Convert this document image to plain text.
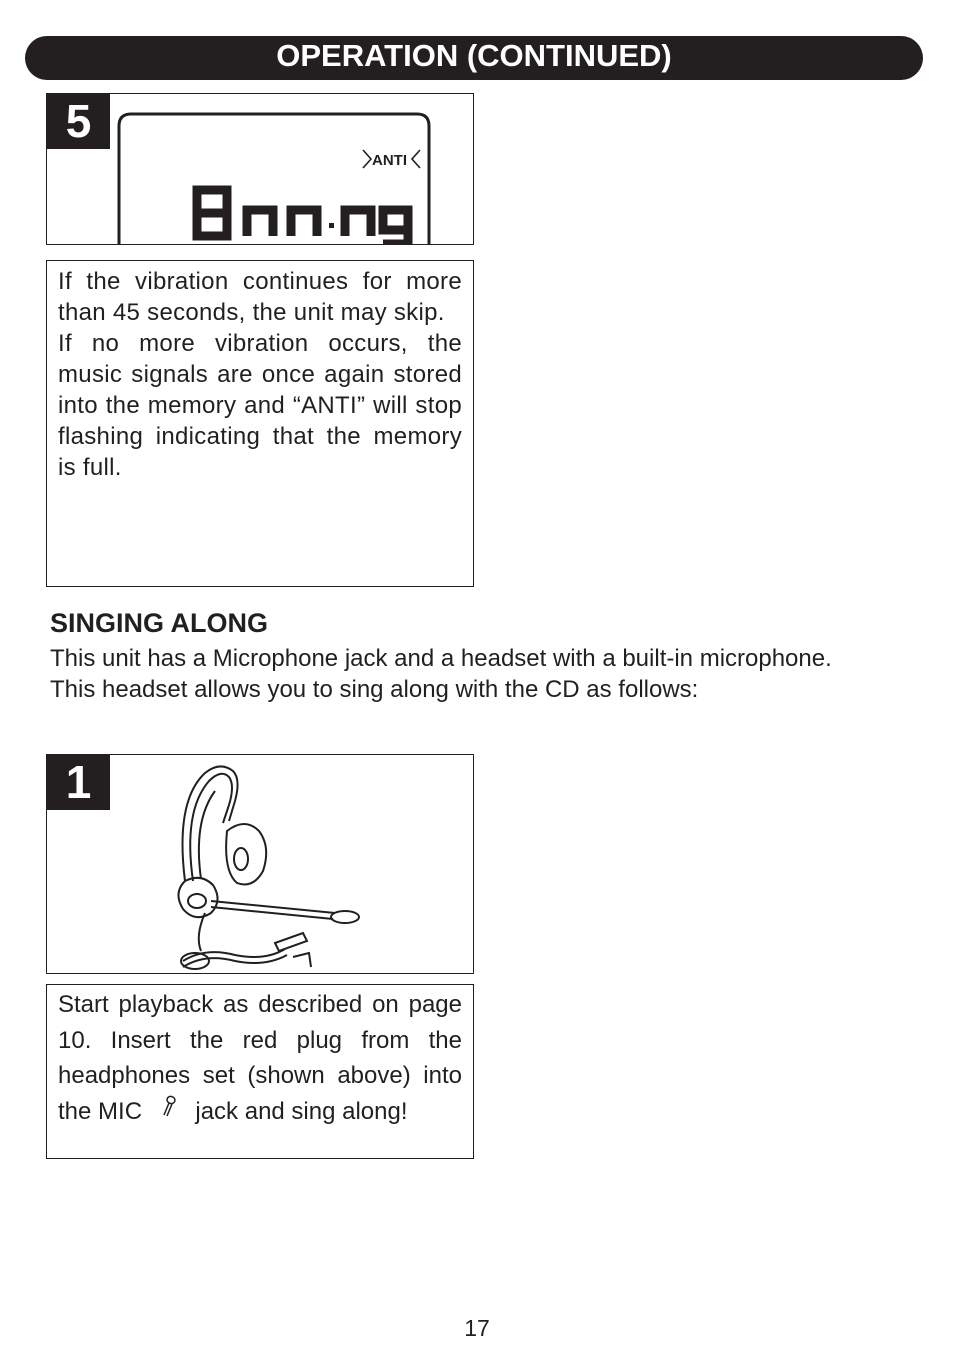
OPERATION (CONTINUED)
5
ANTI

If the vibration continues for more than 45 seconds, the unit may skip.

If no more vibration occurs, the music signals are once again stored into the memory and “ANTI” will stop flashing indicating that the memory is full.

SINGING ALONG
This unit has a Microphone jack and a headset with a built-in microphone.
This headset allows you to sing along with the CD as follows:
1

Start playback as described on page 10. Insert the red plug from the headphones set (shown above) into the MIC jack and sing along!

17
